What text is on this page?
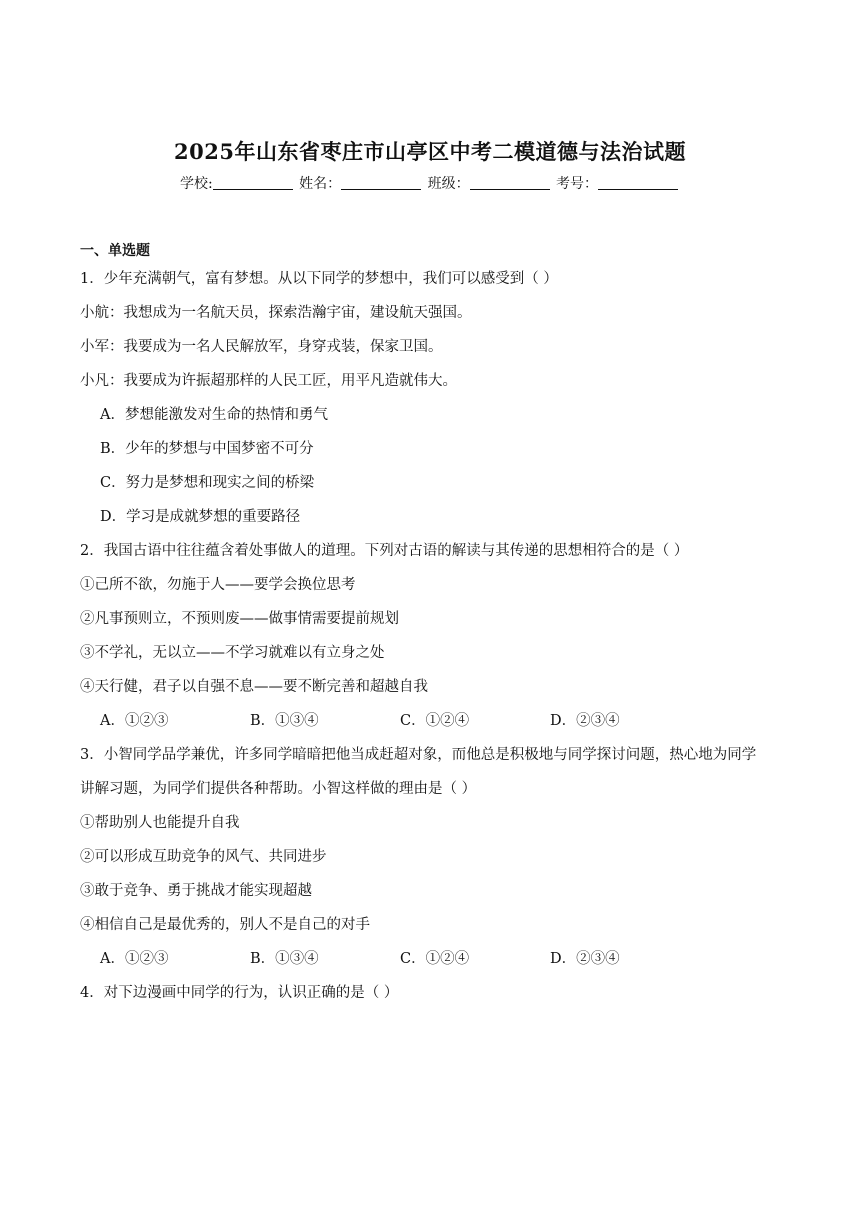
2025年山东省枣庄市山亭区中考二模道德与法治试题
学校:	姓名：	班级：	考号：
一、单选题
1．少年充满朝气，富有梦想。从以下同学的梦想中，我们可以感受到（ ）
小航：我想成为一名航天员，探索浩瀚宇宙，建设航天强国。
小军：我要成为一名人民解放军，身穿戎装，保家卫国。
小凡：我要成为许振超那样的人民工匠，用平凡造就伟大。
A．梦想能激发对生命的热情和勇气
B．少年的梦想与中国梦密不可分
C．努力是梦想和现实之间的桥梁
D．学习是成就梦想的重要路径
2．我国古语中往往蕴含着处事做人的道理。下列对古语的解读与其传递的思想相符合的是（ ）
①己所不欲，勿施于人——要学会换位思考
②凡事预则立，不预则废——做事情需要提前规划
③不学礼，无以立——不学习就难以有立身之处
④天行健，君子以自强不息——要不断完善和超越自我
A．①②③	B．①③④	C．①②④	D．②③④
3．小智同学品学兼优，许多同学暗暗把他当成赶超对象，而他总是积极地与同学探讨问题，热心地为同学
讲解习题，为同学们提供各种帮助。小智这样做的理由是（ ）
①帮助别人也能提升自我
②可以形成互助竞争的风气、共同进步
③敢于竞争、勇于挑战才能实现超越
④相信自己是最优秀的，别人不是自己的对手
A．①②③	B．①③④	C．①②④	D．②③④
4．对下边漫画中同学的行为，认识正确的是（ ）
